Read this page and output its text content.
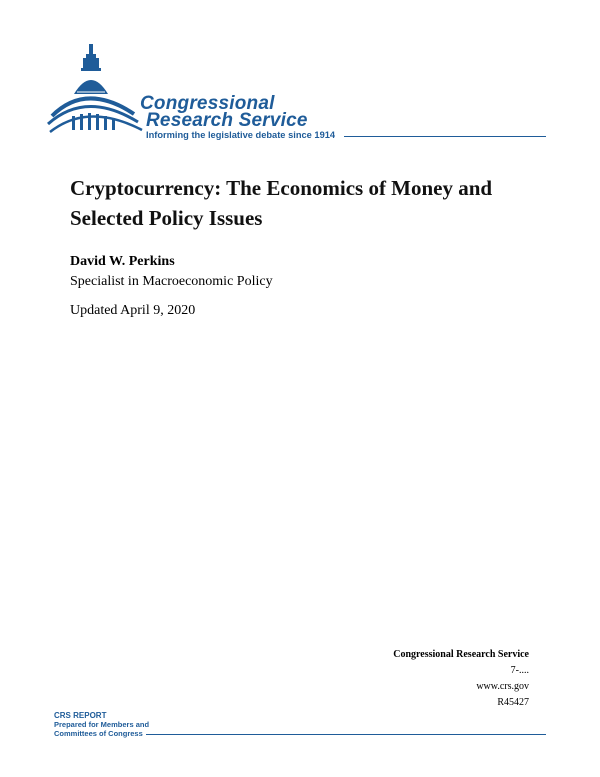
Congressional
Research Service
Informing the legislative debate since 1914
Cryptocurrency: The Economics of Money and Selected Policy Issues
David W. Perkins
Specialist in Macroeconomic Policy
Updated April 9, 2020
Congressional Research Service
7-....
www.crs.gov
R45427
CRS REPORT
Prepared for Members and
Committees of Congress
